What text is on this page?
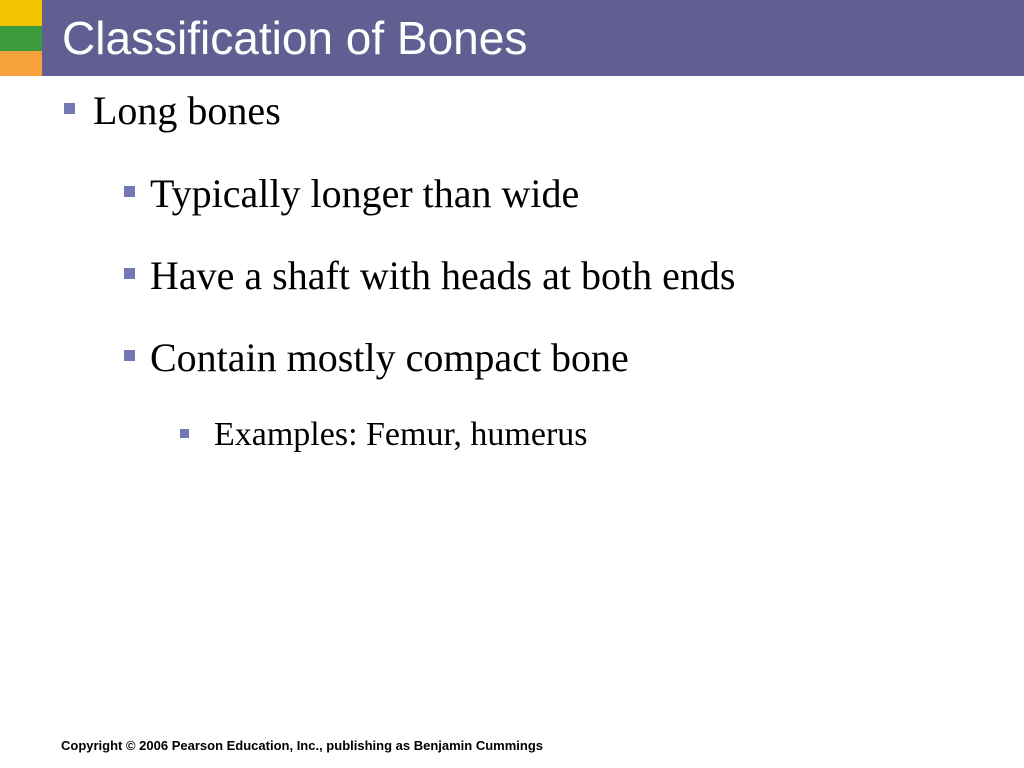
Classification of Bones
Long bones
Typically longer than wide
Have a shaft with heads at both ends
Contain mostly compact bone
Examples: Femur, humerus
Copyright © 2006 Pearson Education, Inc., publishing as Benjamin Cummings
